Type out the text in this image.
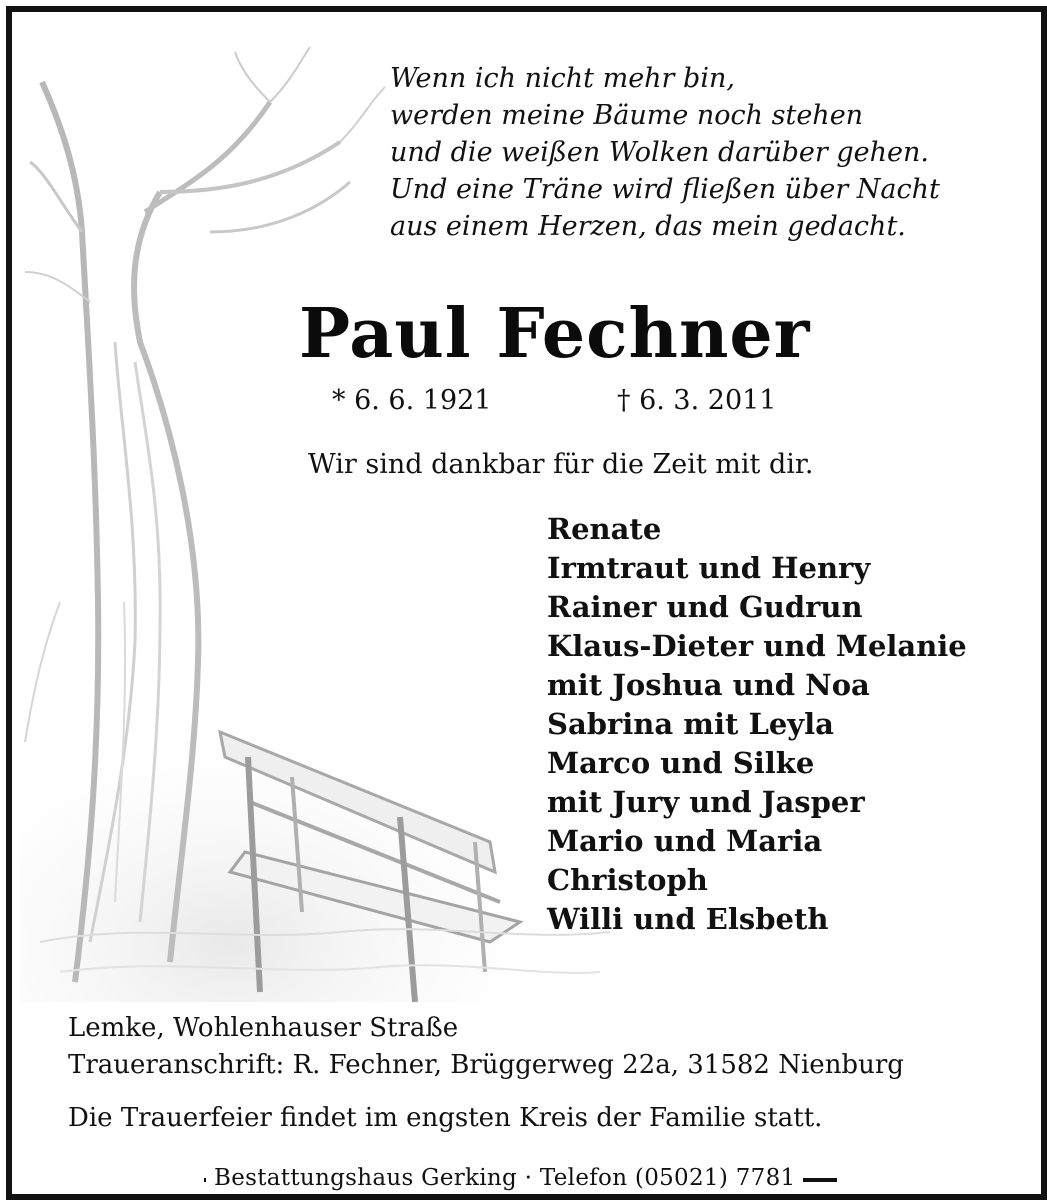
Wenn ich nicht mehr bin,
werden meine Bäume noch stehen
und die weißen Wolken darüber gehen.
Und eine Träne wird fließen über Nacht
aus einem Herzen, das mein gedacht.
Paul Fechner
* 6. 6. 1921	† 6. 3. 2011
Wir sind dankbar für die Zeit mit dir.
Renate
Irmtraut und Henry
Rainer und Gudrun
Klaus-Dieter und Melanie
mit Joshua und Noa
Sabrina mit Leyla
Marco und Silke
mit Jury und Jasper
Mario und Maria
Christoph
Willi und Elsbeth
Lemke, Wohlenhauser Straße
Traueranschrift: R. Fechner, Brüggerweg 22a, 31582 Nienburg
Die Trauerfeier findet im engsten Kreis der Familie statt.
Bestattungshaus Gerking · Telefon (05021) 7781
